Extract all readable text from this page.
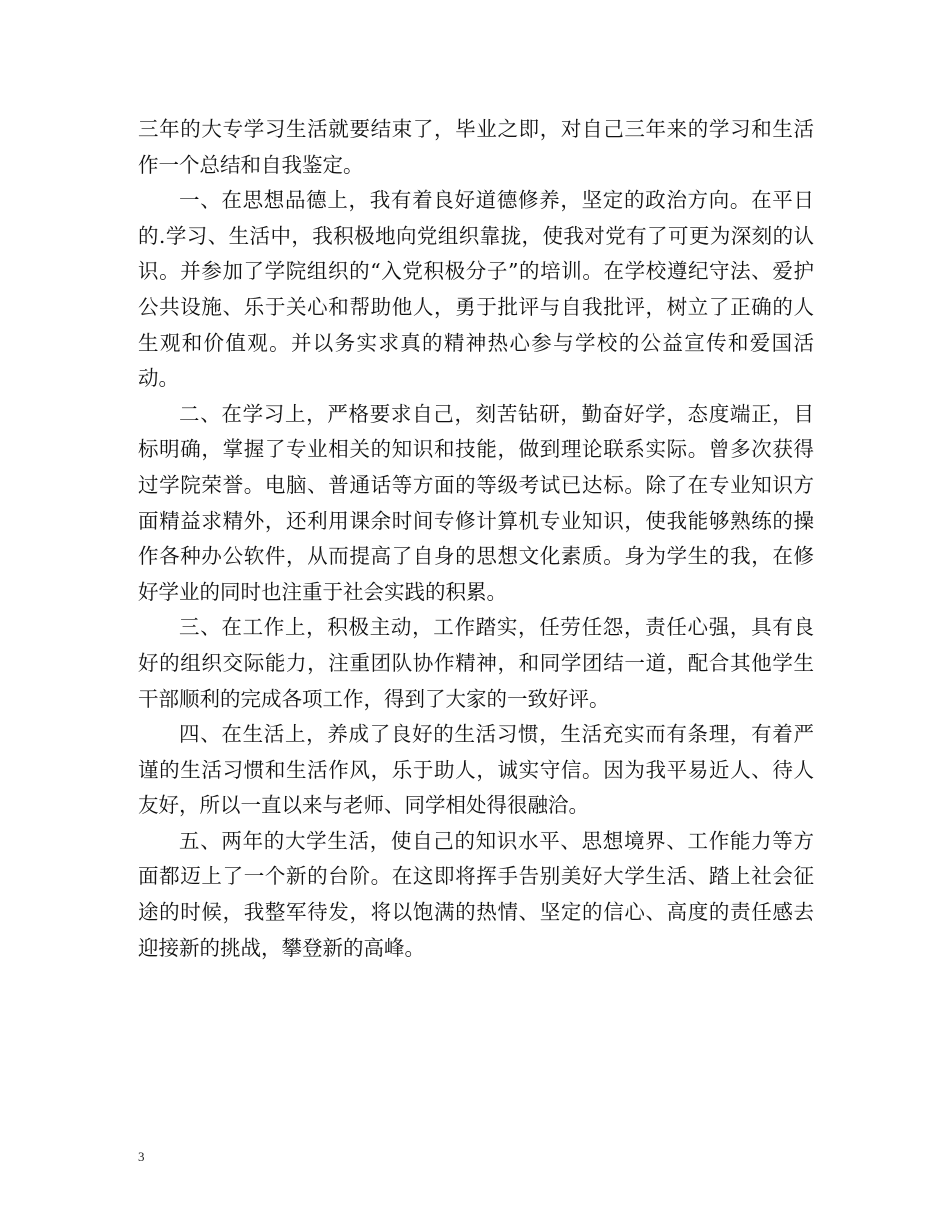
三年的大专学习生活就要结束了，毕业之即，对自己三年来的学习和生活作一个总结和自我鉴定。

一、在思想品德上，我有着良好道德修养，坚定的政治方向。在平日的.学习、生活中，我积极地向党组织靠拢，使我对党有了可更为深刻的认识。并参加了学院组织的“入党积极分子”的培训。在学校遵纪守法、爱护公共设施、乐于关心和帮助他人，勇于批评与自我批评，树立了正确的人生观和价值观。并以务实求真的精神热心参与学校的公益宣传和爱国活动。

二、在学习上，严格要求自己，刻苦钻研，勤奋好学，态度端正，目标明确，掌握了专业相关的知识和技能，做到理论联系实际。曾多次获得过学院荣誉。电脑、普通话等方面的等级考试已达标。除了在专业知识方面精益求精外，还利用课余时间专修计算机专业知识，使我能够熟练的操作各种办公软件，从而提高了自身的思想文化素质。身为学生的我，在修好学业的同时也注重于社会实践的积累。

三、在工作上，积极主动，工作踏实，任劳任怨，责任心强，具有良好的组织交际能力，注重团队协作精神，和同学团结一道，配合其他学生干部顺利的完成各项工作，得到了大家的一致好评。

四、在生活上，养成了良好的生活习惯，生活充实而有条理，有着严谨的生活习惯和生活作风，乐于助人，诚实守信。因为我平易近人、待人友好，所以一直以来与老师、同学相处得很融洽。

五、两年的大学生活，使自己的知识水平、思想境界、工作能力等方面都迈上了一个新的台阶。在这即将挥手告别美好大学生活、踏上社会征途的时候，我整军待发，将以饱满的热情、坚定的信心、高度的责任感去迎接新的挑战，攀登新的高峰。

3
